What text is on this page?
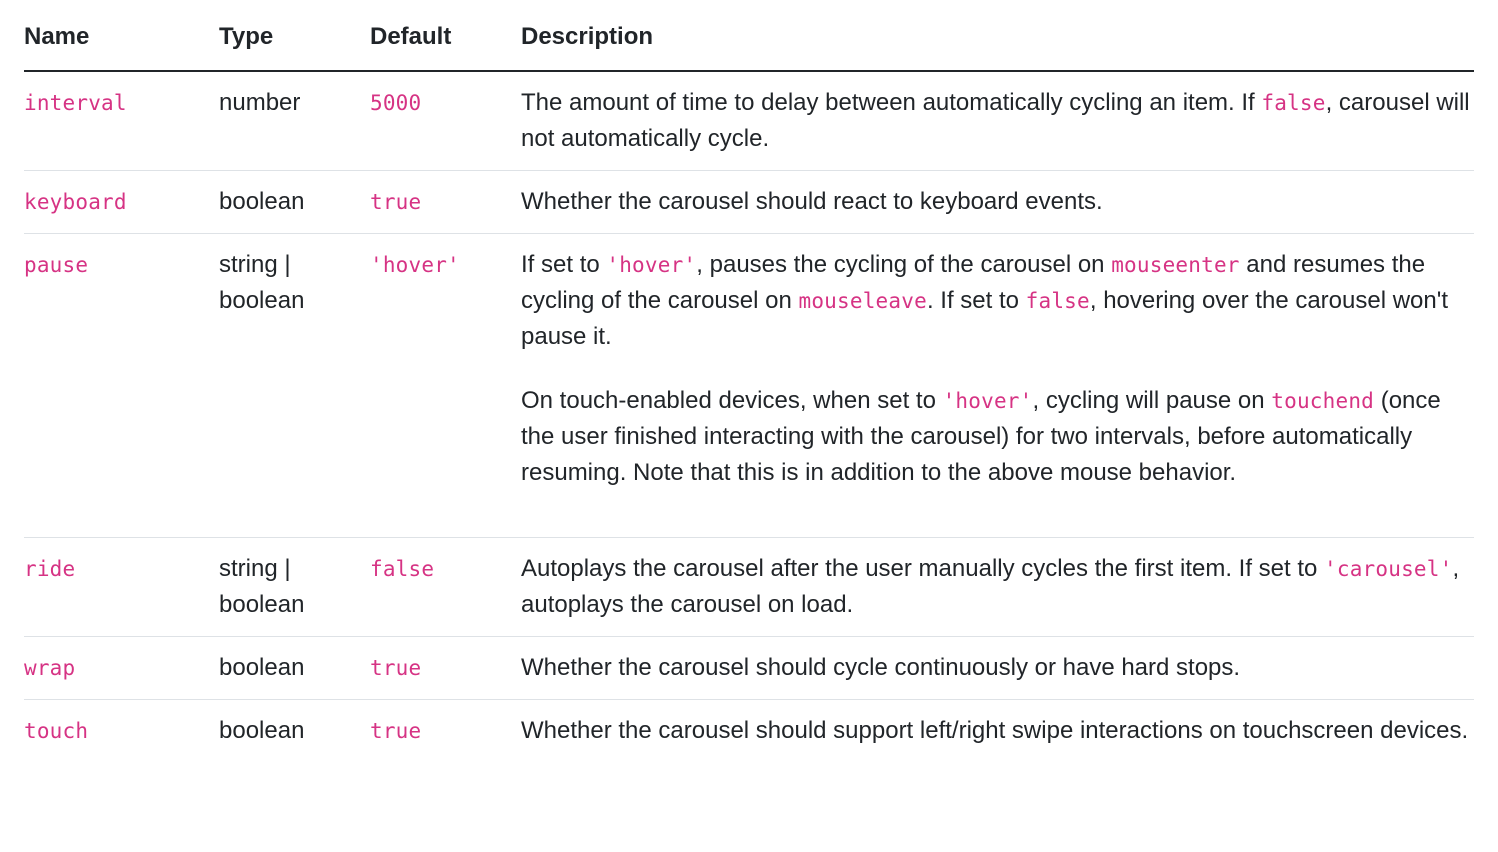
Name	Type	Default	Description
interval	number	5000	The amount of time to delay between automatically cycling an item. If false, carousel will not automatically cycle.

keyboard	boolean	true	Whether the carousel should react to keyboard events.

pause	string | boolean	'hover'	If set to 'hover', pauses the cycling of the carousel on mouseenter and resumes the cycling of the carousel on mouseleave. If set to false, hovering over the carousel won't pause it.

On touch-enabled devices, when set to 'hover', cycling will pause on touchend (once the user finished interacting with the carousel) for two intervals, before automatically resuming. Note that this is in addition to the above mouse behavior.

ride	string | boolean	false	Autoplays the carousel after the user manually cycles the first item. If set to 'carousel', autoplays the carousel on load.

wrap	boolean	true	Whether the carousel should cycle continuously or have hard stops.

touch	boolean	true	Whether the carousel should support left/right swipe interactions on touchscreen devices.
